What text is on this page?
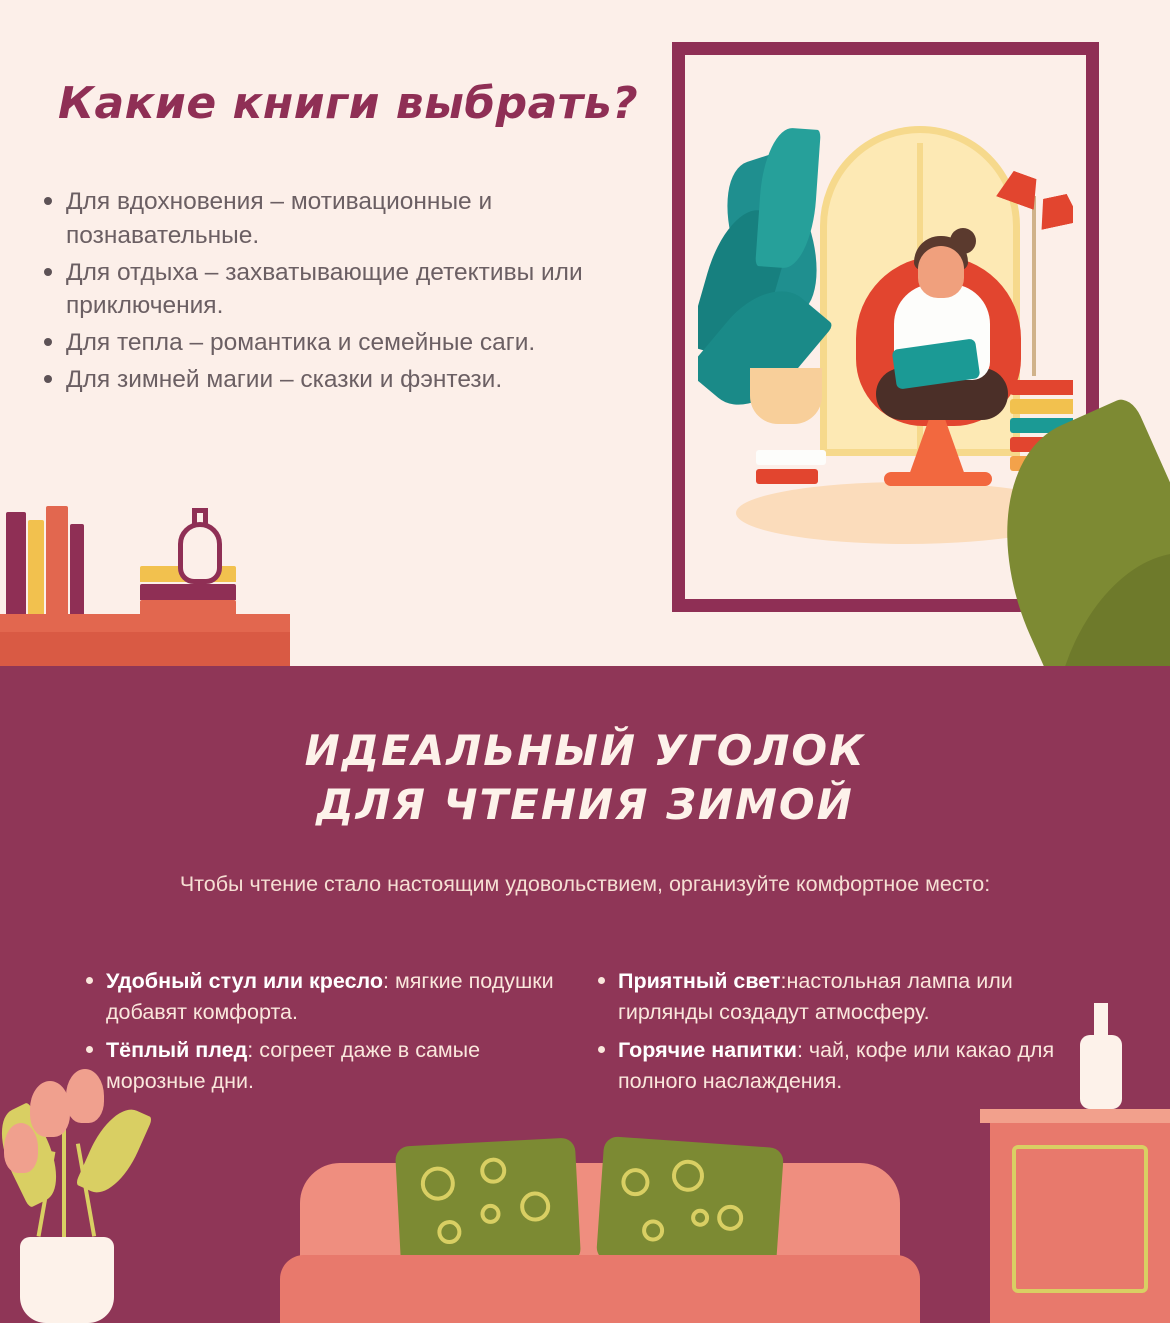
Какие книги выбрать?
Для вдохновения – мотивационные и познавательные.
Для отдыха – захватывающие детективы или приключения.
Для тепла – романтика и семейные саги.
Для зимней магии – сказки и фэнтези.
ИДЕАЛЬНЫЙ УГОЛОК
ДЛЯ ЧТЕНИЯ ЗИМОЙ

Чтобы чтение стало настоящим удовольствием, организуйте комфортное место:

Удобный стул или кресло: мягкие подушки добавят комфорта.
Тёплый плед: согреет даже в самые морозные дни.
Приятный свет:настольная лампа или гирлянды создадут атмосферу.
Горячие напитки: чай, кофе или какао для полного наслаждения.
